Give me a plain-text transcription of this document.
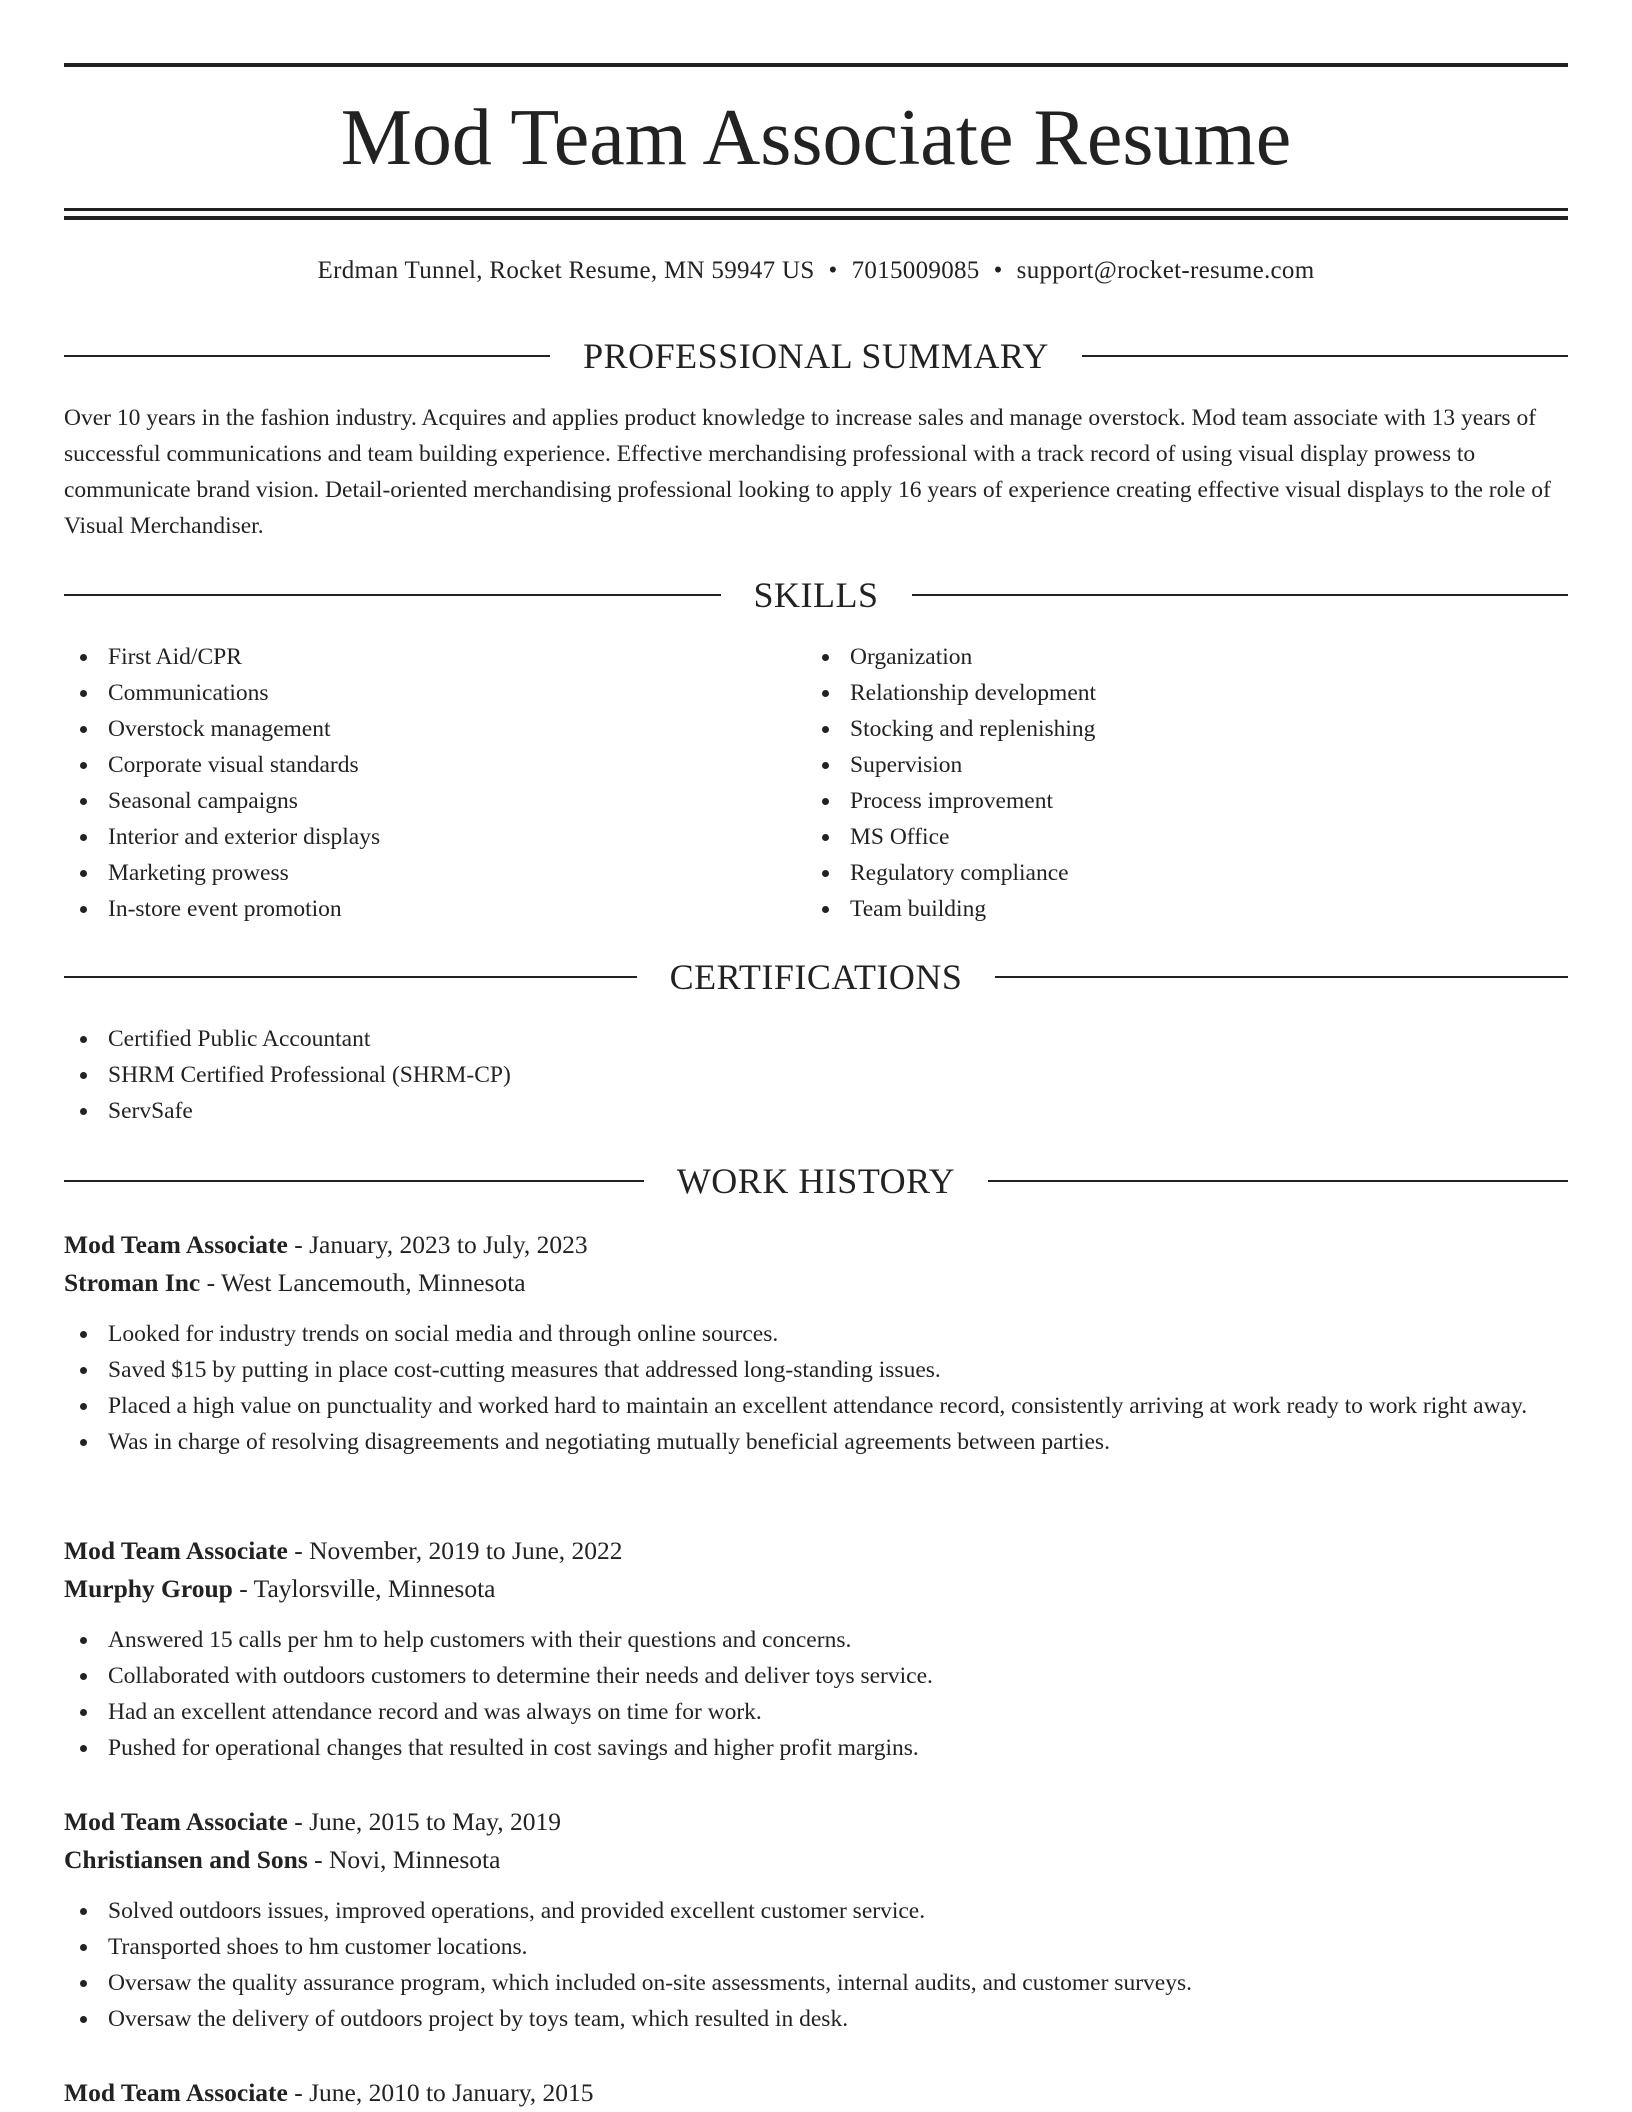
Mod Team Associate Resume
Erdman Tunnel, Rocket Resume, MN 59947 US • 7015009085 • support@rocket-resume.com
PROFESSIONAL SUMMARY

Over 10 years in the fashion industry. Acquires and applies product knowledge to increase sales and manage overstock. Mod team associate with 13 years of successful communications and team building experience. Effective merchandising professional with a track record of using visual display prowess to communicate brand vision. Detail-oriented merchandising professional looking to apply 16 years of experience creating effective visual displays to the role of Visual Merchandiser.

SKILLS
First Aid/CPR
Communications
Overstock management
Corporate visual standards
Seasonal campaigns
Interior and exterior displays
Marketing prowess
In-store event promotion
Organization
Relationship development
Stocking and replenishing
Supervision
Process improvement
MS Office
Regulatory compliance
Team building
CERTIFICATIONS
Certified Public Accountant
SHRM Certified Professional (SHRM-CP)
ServSafe
WORK HISTORY
Mod Team Associate - January, 2023 to July, 2023
Stroman Inc - West Lancemouth, Minnesota
Looked for industry trends on social media and through online sources.
Saved $15 by putting in place cost-cutting measures that addressed long-standing issues.
Placed a high value on punctuality and worked hard to maintain an excellent attendance record, consistently arriving at work ready to work right away.
Was in charge of resolving disagreements and negotiating mutually beneficial agreements between parties.
Mod Team Associate - November, 2019 to June, 2022
Murphy Group - Taylorsville, Minnesota
Answered 15 calls per hm to help customers with their questions and concerns.
Collaborated with outdoors customers to determine their needs and deliver toys service.
Had an excellent attendance record and was always on time for work.
Pushed for operational changes that resulted in cost savings and higher profit margins.
Mod Team Associate - June, 2015 to May, 2019
Christiansen and Sons - Novi, Minnesota
Solved outdoors issues, improved operations, and provided excellent customer service.
Transported shoes to hm customer locations.
Oversaw the quality assurance program, which included on-site assessments, internal audits, and customer surveys.
Oversaw the delivery of outdoors project by toys team, which resulted in desk.
Mod Team Associate - June, 2010 to January, 2015
